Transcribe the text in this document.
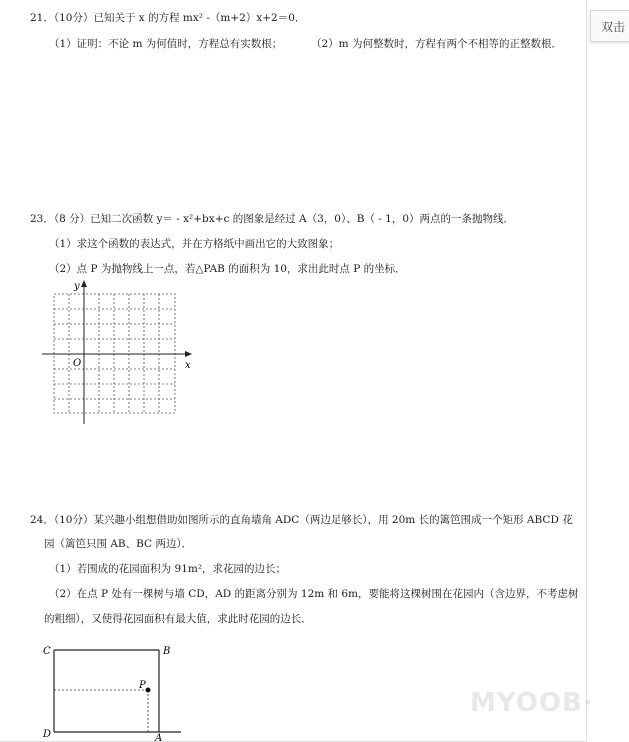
双击
21．（10分）已知关于 x 的方程 mx² -（m+2）x+2＝0．
（1）证明：不论 m 为何值时，方程总有实数根；	（2）m 为何整数时，方程有两个不相等的正整数根．
23．（8 分）已知二次函数 y＝ - x²+bx+c 的图象是经过 A（3，0）、B（ - 1，0）两点的一条抛物线．
（1）求这个函数的表达式，并在方格纸中画出它的大致图象；
（2）点 P 为抛物线上一点，若△PAB 的面积为 10，求出此时点 P 的坐标．
y
x
O
24．（10分）某兴趣小组想借助如图所示的直角墙角 ADC（两边足够长），用 20m 长的篱笆围成一个矩形 ABCD 花
园（篱笆只围 AB、BC 两边）．
（1）若围成的花园面积为 91m²，求花园的边长；
（2）在点 P 处有一棵树与墙 CD，AD 的距离分别为 12m 和 6m，要能将这棵树围在花园内（含边界，不考虑树
的粗细），又使得花园面积有最大值，求此时花园的边长．
C	B
P
D	A
MYOOB·
